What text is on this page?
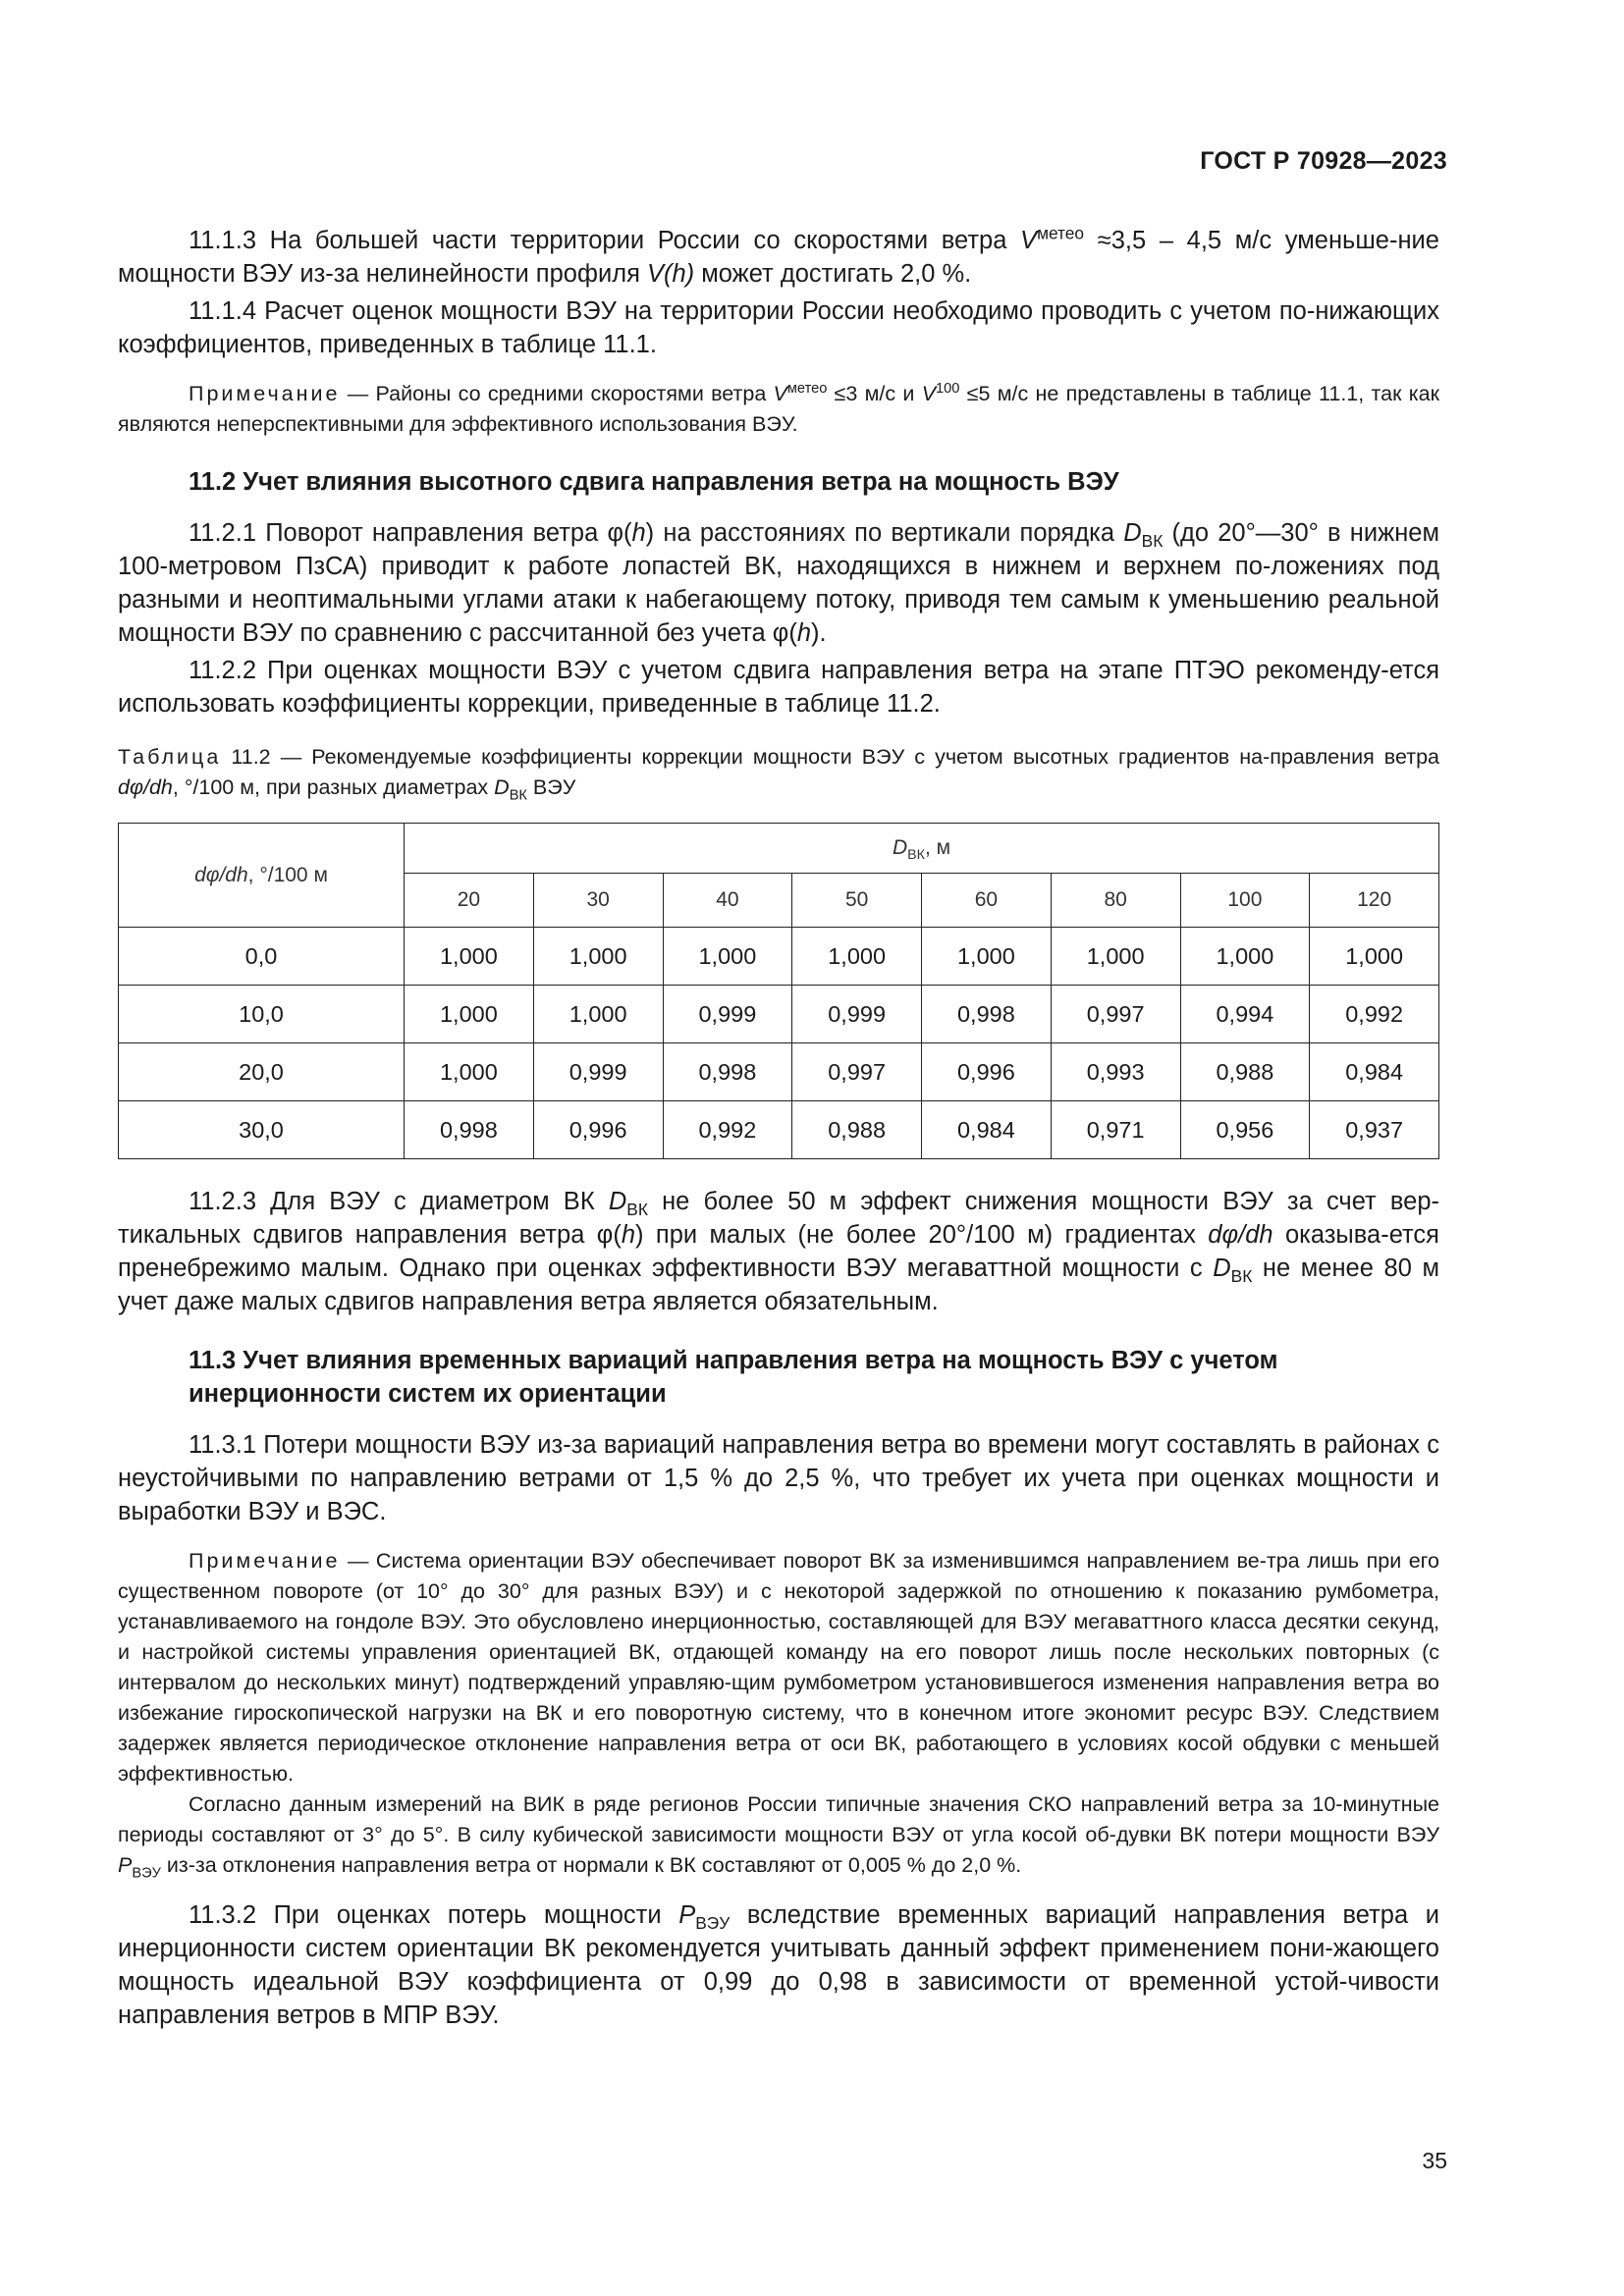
ГОСТ Р 70928—2023

11.1.3 На большей части территории России со скоростями ветра $V^{метео} \approx 3,5 - 4,5$ м/с уменьше-ние мощности ВЭУ из-за нелинейности профиля V(h) может достигать 2,0 %.

11.1.4 Расчет оценок мощности ВЭУ на территории России необходимо проводить с учетом по-нижающих коэффициентов, приведенных в таблице 11.1.

Примечание — Районы со средними скоростями ветра $V^{метео} \le 3$ м/с и $V^{100} \le 5$ м/с не представлены в таблице 11.1, так как являются неперспективными для эффективного использования ВЭУ.

11.2 Учет влияния высотного сдвига направления ветра на мощность ВЭУ

11.2.1 Поворот направления ветра φ(h) на расстояниях по вертикали порядка $D_{ВК}$ (до 20°—30° в нижнем 100-метровом ПзСА) приводит к работе лопастей ВК, находящихся в нижнем и верхнем по-ложениях под разными и неоптимальными углами атаки к набегающему потоку, приводя тем самым к уменьшению реальной мощности ВЭУ по сравнению с рассчитанной без учета φ(h).

11.2.2 При оценках мощности ВЭУ с учетом сдвига направления ветра на этапе ПТЭО рекоменду-ется использовать коэффициенты коррекции, приведенные в таблице 11.2.

Таблица 11.2 — Рекомендуемые коэффициенты коррекции мощности ВЭУ с учетом высотных градиентов на-правления ветра dφ/dh, °/100 м, при разных диаметрах $D_{ВК}$ ВЭУ

dφ/dh, °/100 м	$D_{ВК}$, м							
	20	30	40	50	60	80	100	120
0,0	1,000	1,000	1,000	1,000	1,000	1,000	1,000	1,000
10,0	1,000	1,000	0,999	0,999	0,998	0,997	0,994	0,992
20,0	1,000	0,999	0,998	0,997	0,996	0,993	0,988	0,984
30,0	0,998	0,996	0,992	0,988	0,984	0,971	0,956	0,937

11.2.3 Для ВЭУ с диаметром ВК $D_{ВК}$ не более 50 м эффект снижения мощности ВЭУ за счет вер-тикальных сдвигов направления ветра φ(h) при малых (не более 20°/100 м) градиентах dφ/dh оказыва-ется пренебрежимо малым. Однако при оценках эффективности ВЭУ мегаваттной мощности с $D_{ВК}$ не менее 80 м учет даже малых сдвигов направления ветра является обязательным.

11.3 Учет влияния временных вариаций направления ветра на мощность ВЭУ с учетом
инерционности систем их ориентации

11.3.1 Потери мощности ВЭУ из-за вариаций направления ветра во времени могут составлять в районах с неустойчивыми по направлению ветрами от 1,5 % до 2,5 %, что требует их учета при оценках мощности и выработки ВЭУ и ВЭС.

Примечание — Система ориентации ВЭУ обеспечивает поворот ВК за изменившимся направлением ве-тра лишь при его существенном повороте (от 10° до 30° для разных ВЭУ) и с некоторой задержкой по отношению к показанию румбометра, устанавливаемого на гондоле ВЭУ. Это обусловлено инерционностью, составляющей для ВЭУ мегаваттного класса десятки секунд, и настройкой системы управления ориентацией ВК, отдающей команду на его поворот лишь после нескольких повторных (с интервалом до нескольких минут) подтверждений управляю-щим румбометром установившегося изменения направления ветра во избежание гироскопической нагрузки на ВК и его поворотную систему, что в конечном итоге экономит ресурс ВЭУ. Следствием задержек является периодическое отклонение направления ветра от оси ВК, работающего в условиях косой обдувки с меньшей эффективностью.

Согласно данным измерений на ВИК в ряде регионов России типичные значения СКО направлений ветра за 10-минутные периоды составляют от 3° до 5°. В силу кубической зависимости мощности ВЭУ от угла косой об-дувки ВК потери мощности ВЭУ $P_{ВЭУ}$ из-за отклонения направления ветра от нормали к ВК составляют от 0,005 % до 2,0 %.

11.3.2 При оценках потерь мощности $P_{ВЭУ}$ вследствие временных вариаций направления ветра и инерционности систем ориентации ВК рекомендуется учитывать данный эффект применением пони-жающего мощность идеальной ВЭУ коэффициента от 0,99 до 0,98 в зависимости от временной устой-чивости направления ветров в МПР ВЭУ.

35
